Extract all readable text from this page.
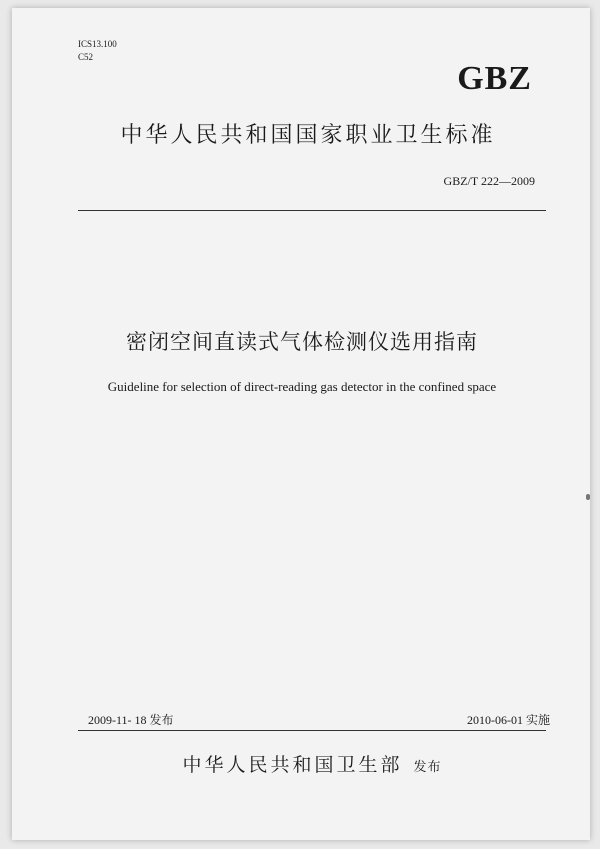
ICS13.100
C52
GBZ
中华人民共和国国家职业卫生标准
GBZ/T 222—2009
密闭空间直读式气体检测仪选用指南
Guideline for selection of direct-reading gas detector in the confined space
2009-11- 18 发布	2010-06-01 实施
中华人民共和国卫生部 发布
